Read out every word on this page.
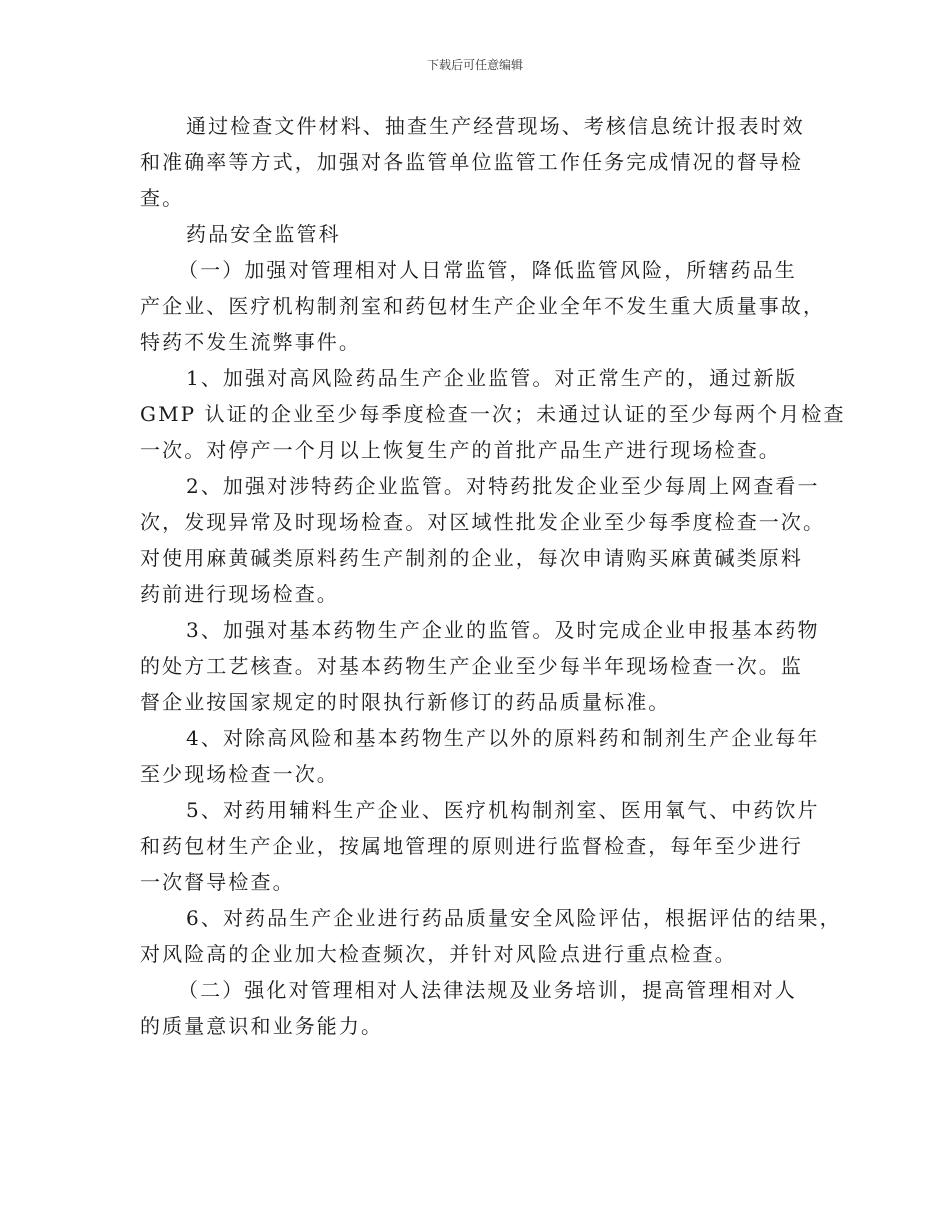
下载后可任意编辑
通过检查文件材料、抽查生产经营现场、考核信息统计报表时效
和准确率等方式，加强对各监管单位监管工作任务完成情况的督导检
查。
药品安全监管科
（一）加强对管理相对人日常监管，降低监管风险，所辖药品生
产企业、医疗机构制剂室和药包材生产企业全年不发生重大质量事故，
特药不发生流弊事件。
1、加强对高风险药品生产企业监管。对正常生产的，通过新版
GMP 认证的企业至少每季度检查一次；未通过认证的至少每两个月检查
一次。对停产一个月以上恢复生产的首批产品生产进行现场检查。
2、加强对涉特药企业监管。对特药批发企业至少每周上网查看一
次，发现异常及时现场检查。对区域性批发企业至少每季度检查一次。
对使用麻黄碱类原料药生产制剂的企业，每次申请购买麻黄碱类原料
药前进行现场检查。
3、加强对基本药物生产企业的监管。及时完成企业申报基本药物
的处方工艺核查。对基本药物生产企业至少每半年现场检查一次。监
督企业按国家规定的时限执行新修订的药品质量标准。
4、对除高风险和基本药物生产以外的原料药和制剂生产企业每年
至少现场检查一次。
5、对药用辅料生产企业、医疗机构制剂室、医用氧气、中药饮片
和药包材生产企业，按属地管理的原则进行监督检查，每年至少进行
一次督导检查。
6、对药品生产企业进行药品质量安全风险评估，根据评估的结果，
对风险高的企业加大检查频次，并针对风险点进行重点检查。
（二）强化对管理相对人法律法规及业务培训，提高管理相对人
的质量意识和业务能力。
